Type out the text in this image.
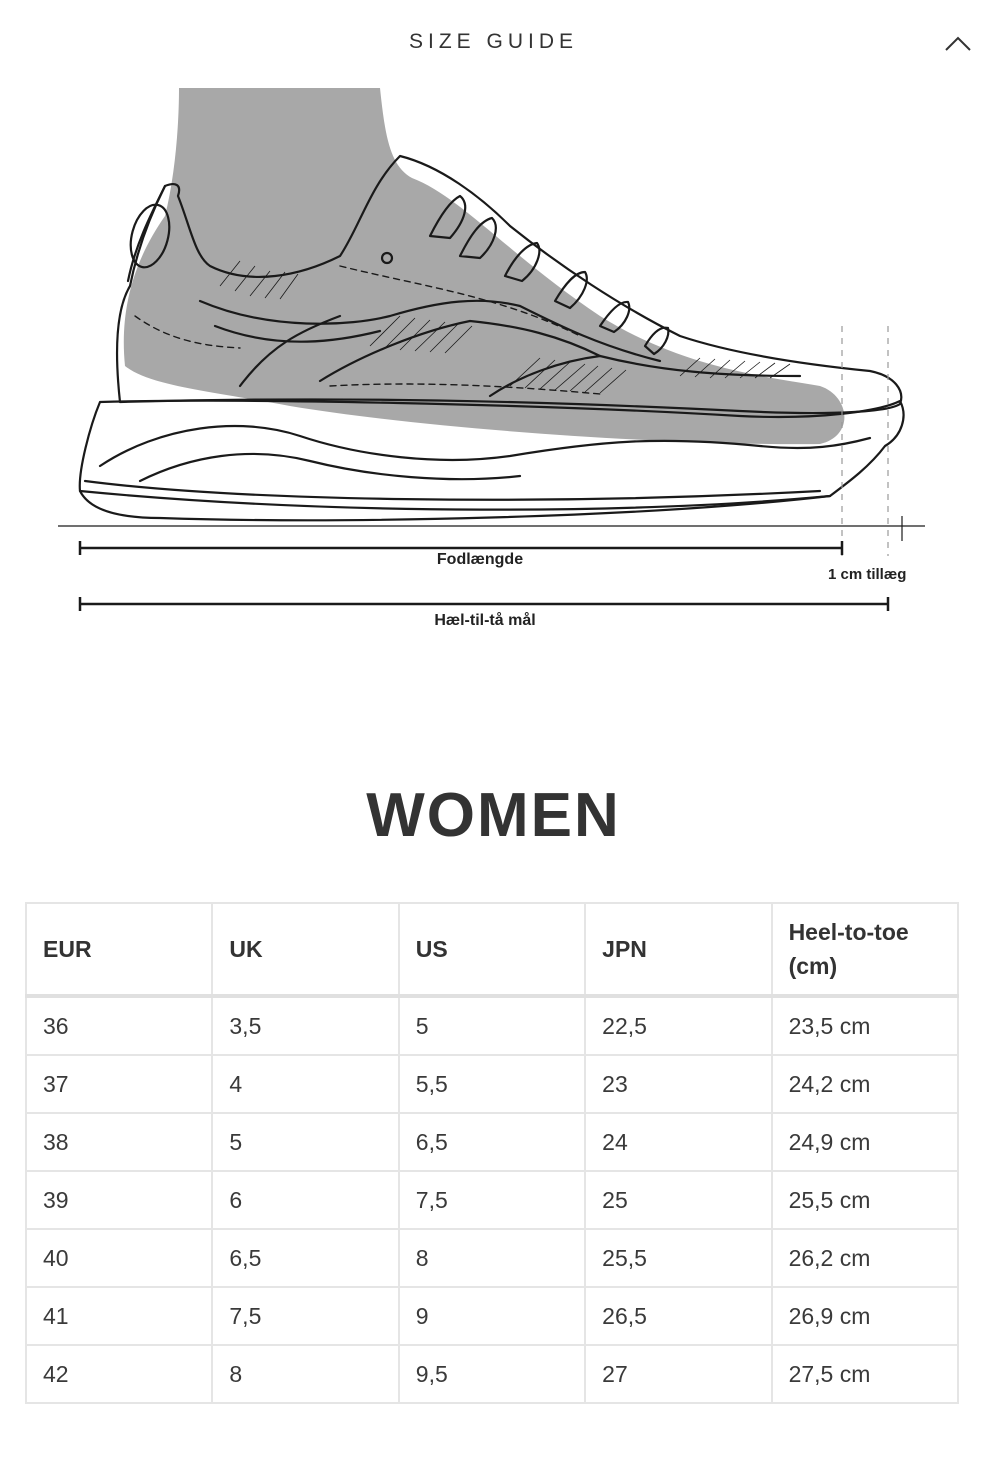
SIZE GUIDE
Fodlængde
1 cm tillæg
Hæl-til-tå mål
WOMEN
EUR	UK	US	JPN	Heel-to-toe (cm)
36	3,5	5	22,5	23,5 cm
37	4	5,5	23	24,2 cm
38	5	6,5	24	24,9 cm
39	6	7,5	25	25,5 cm
40	6,5	8	25,5	26,2 cm
41	7,5	9	26,5	26,9 cm
42	8	9,5	27	27,5 cm
